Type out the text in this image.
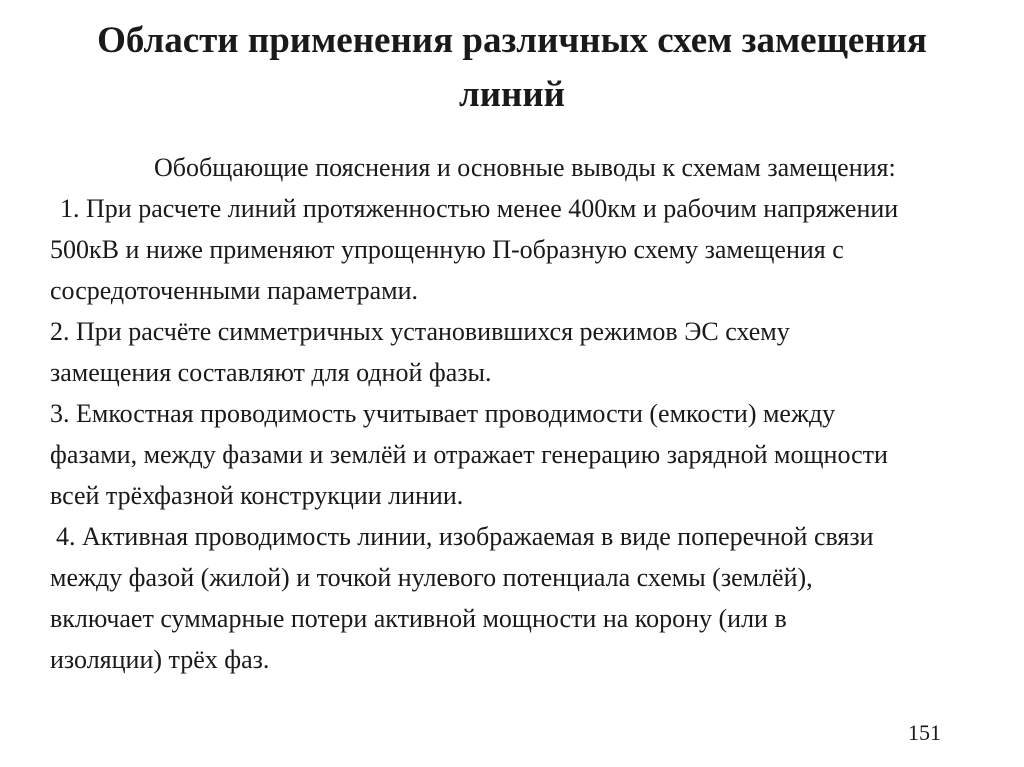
Области применения различных схем замещения
линий
Обобщающие пояснения и основные выводы к схемам замещения:
1. При расчете линий протяженностью менее 400км и рабочим напряжении
500кВ и ниже применяют упрощенную П-образную схему замещения с
сосредоточенными параметрами.
2. При расчёте симметричных установившихся режимов ЭС схему
замещения составляют для одной фазы.
3. Емкостная проводимость учитывает проводимости (емкости) между
фазами, между фазами и землёй и отражает генерацию зарядной мощности
всей трёхфазной конструкции линии.
4. Активная проводимость линии, изображаемая в виде поперечной связи
между фазой (жилой) и точкой нулевого потенциала схемы (землёй),
включает суммарные потери активной мощности на корону (или в
изоляции) трёх фаз.
151
